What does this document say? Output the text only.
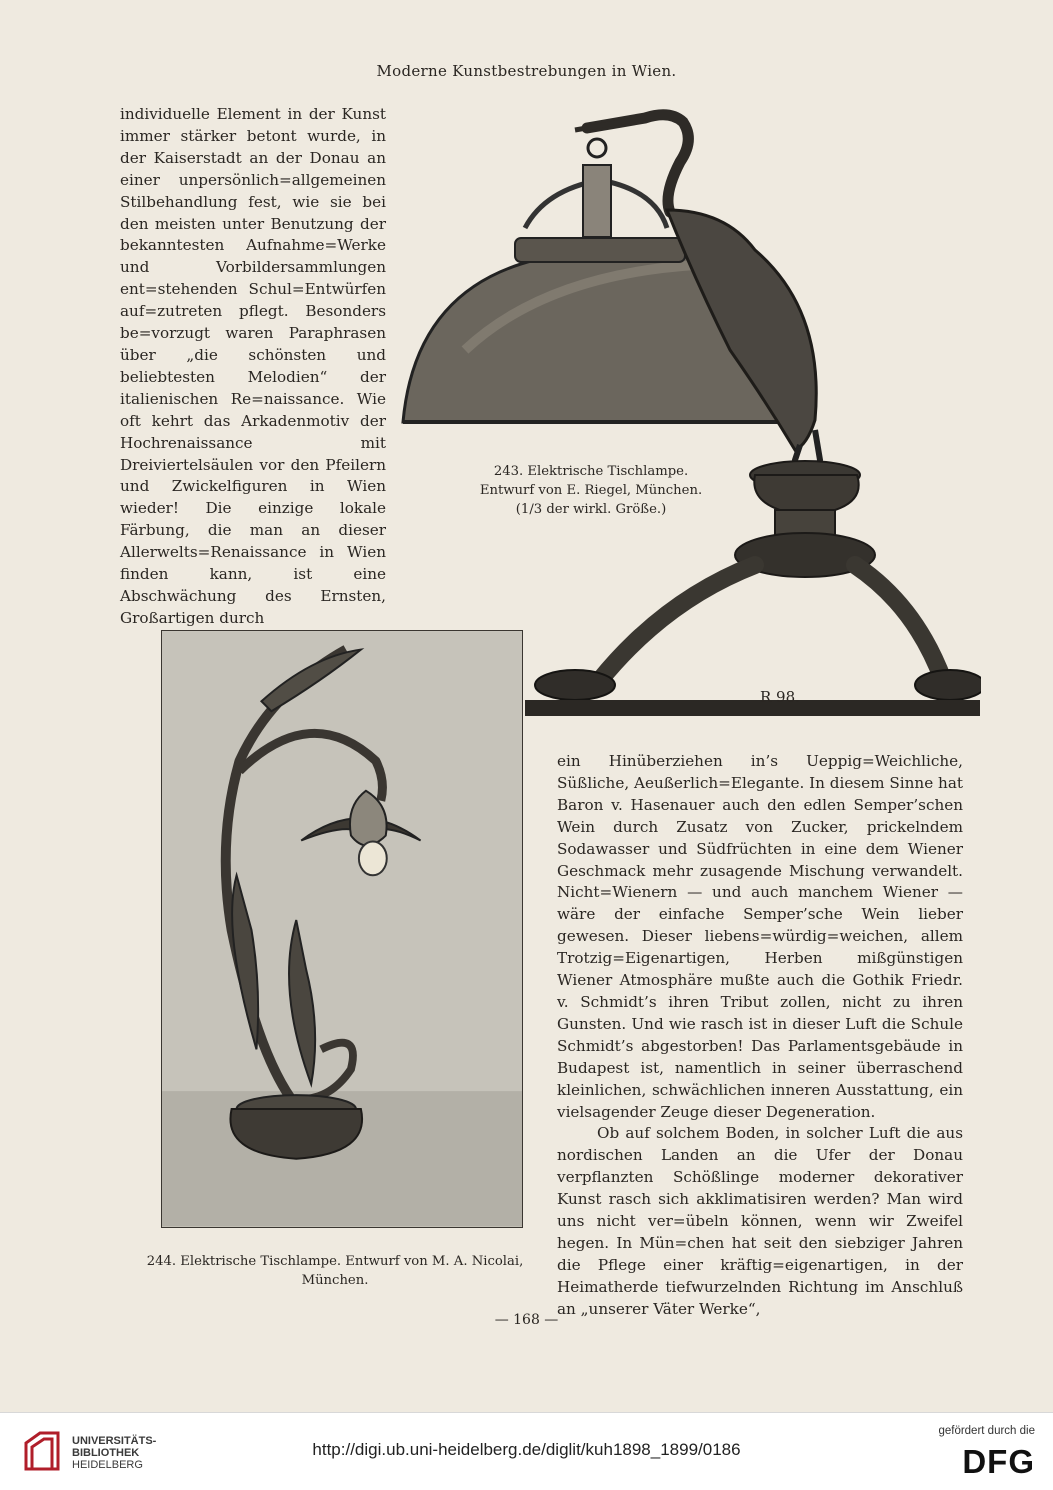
Moderne Kunstbestrebungen in Wien.

individuelle Element in der Kunst immer stärker betont wurde, in der Kaiserstadt an der Donau an einer unpersönlich=allgemeinen Stilbehandlung fest, wie sie bei den meisten unter Benutzung der bekanntesten Aufnahme=Werke und Vorbildersammlungen ent=stehenden Schul=Entwürfen auf=zutreten pflegt. Besonders be=vorzugt waren Paraphrasen über „die schönsten und beliebtesten Melodien“ der italienischen Re=naissance. Wie oft kehrt das Arkadenmotiv der Hochrenaissance mit Dreiviertelsäulen vor den Pfeilern und Zwickelfiguren in Wien wieder! Die einzige lokale Färbung, die man an dieser Allerwelts=Renaissance in Wien finden kann, ist eine Abschwächung des Ernsten, Großartigen durch

R 98.
243. Elektrische Tischlampe.
Entwurf von E. Riegel, München.
(1/3 der wirkl. Größe.)
244. Elektrische Tischlampe. Entwurf von M. A. Nicolai,
München.

ein Hinüberziehen in’s Ueppig=Weichliche, Süßliche, Aeußerlich=Elegante. In diesem Sinne hat Baron v. Hasenauer auch den edlen Semper’schen Wein durch Zusatz von Zucker, prickelndem Sodawasser und Südfrüchten in eine dem Wiener Geschmack mehr zusagende Mischung verwandelt. Nicht=Wienern — und auch manchem Wiener — wäre der einfache Semper’sche Wein lieber gewesen. Dieser liebens=würdig=weichen, allem Trotzig=Eigenartigen, Herben mißgünstigen Wiener Atmosphäre mußte auch die Gothik Friedr. v. Schmidt’s ihren Tribut zollen, nicht zu ihren Gunsten. Und wie rasch ist in dieser Luft die Schule Schmidt’s abgestorben! Das Parlamentsgebäude in Budapest ist, namentlich in seiner überraschend kleinlichen, schwächlichen inneren Ausstattung, ein vielsagender Zeuge dieser Degeneration.

Ob auf solchem Boden, in solcher Luft die aus nordischen Landen an die Ufer der Donau verpflanzten Schößlinge moderner dekorativer Kunst rasch sich akklimatisiren werden? Man wird uns nicht ver=übeln können, wenn wir Zweifel hegen. In Mün=chen hat seit den siebziger Jahren die Pflege einer kräftig=eigenartigen, in der Heimatherde tiefwurzelnden Richtung im Anschluß an „unserer Väter Werke“,

— 168 —
UNIVERSITÄTS-
BIBLIOTHEK
HEIDELBERG
http://digi.ub.uni-heidelberg.de/diglit/kuh1898_1899/0186
gefördert durch die
DFG
